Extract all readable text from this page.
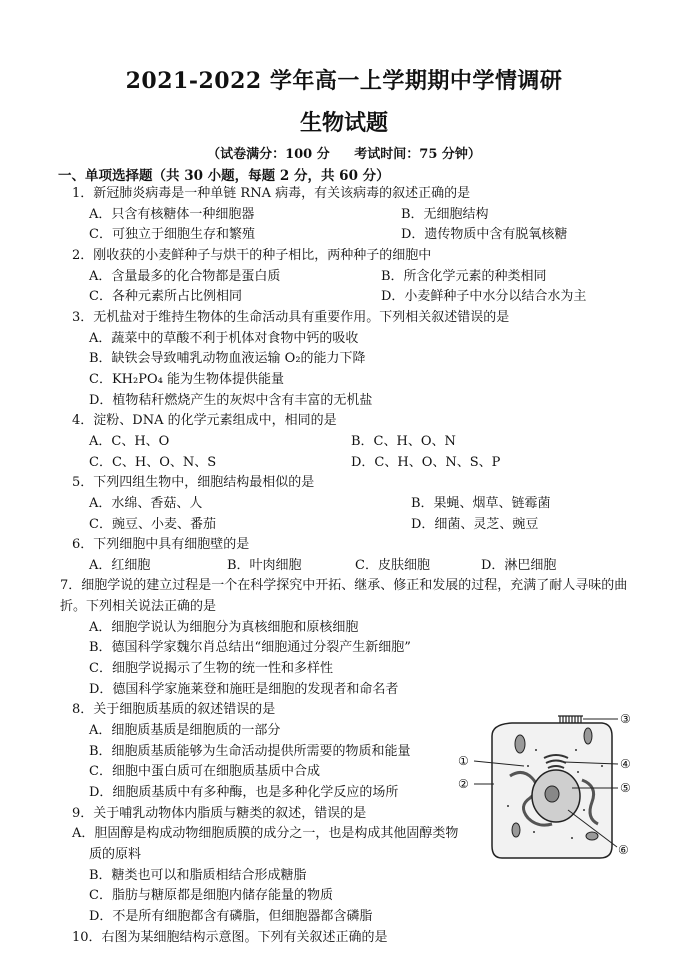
2021-2022 学年高一上学期期中学情调研
生物试题
（试卷满分：100 分 考试时间：75 分钟）
一、单项选择题（共 30 小题，每题 2 分，共 60 分）
1．新冠肺炎病毒是一种单链 RNA 病毒，有关该病毒的叙述正确的是
A．只含有核糖体一种细胞器	B．无细胞结构
C．可独立于细胞生存和繁殖	D．遗传物质中含有脱氧核糖
2．刚收获的小麦鲜种子与烘干的种子相比，两种种子的细胞中
A．含量最多的化合物都是蛋白质	B．所含化学元素的种类相同
C．各种元素所占比例相同	D．小麦鲜种子中水分以结合水为主
3．无机盐对于维持生物体的生命活动具有重要作用。下列相关叙述错误的是
A．蔬菜中的草酸不利于机体对食物中钙的吸收
B．缺铁会导致哺乳动物血液运输 O₂的能力下降
C．KH₂PO₄ 能为生物体提供能量
D．植物秸秆燃烧产生的灰烬中含有丰富的无机盐
4．淀粉、DNA 的化学元素组成中，相同的是
A．C、H、O	B．C、H、O、N
C．C、H、O、N、S	D．C、H、O、N、S、P
5．下列四组生物中，细胞结构最相似的是
A．水绵、香菇、人	B．果蝇、烟草、链霉菌
C．豌豆、小麦、番茄	D．细菌、灵芝、豌豆
6．下列细胞中具有细胞壁的是
A．红细胞	B．叶肉细胞	C．皮肤细胞	D．淋巴细胞
7．细胞学说的建立过程是一个在科学探究中开拓、继承、修正和发展的过程，充满了耐人寻味的曲折。下列相关说法正确的是
A．细胞学说认为细胞分为真核细胞和原核细胞
B．德国科学家魏尔肖总结出“细胞通过分裂产生新细胞”
C．细胞学说揭示了生物的统一性和多样性
D．德国科学家施莱登和施旺是细胞的发现者和命名者
8．关于细胞质基质的叙述错误的是
A．细胞质基质是细胞质的一部分
B．细胞质基质能够为生命活动提供所需要的物质和能量
C．细胞中蛋白质可在细胞质基质中合成
D．细胞质基质中有多种酶，也是多种化学反应的场所
9．关于哺乳动物体内脂质与糖类的叙述，错误的是
A．胆固醇是构成动物细胞质膜的成分之一，也是构成其他固醇类物质的原料
B．糖类也可以和脂质相结合形成糖脂
C．脂肪与糖原都是细胞内储存能量的物质
D．不是所有细胞都含有磷脂，但细胞器都含磷脂
10．右图为某细胞结构示意图。下列有关叙述正确的是
③
①	④
②	⑤
⑥
